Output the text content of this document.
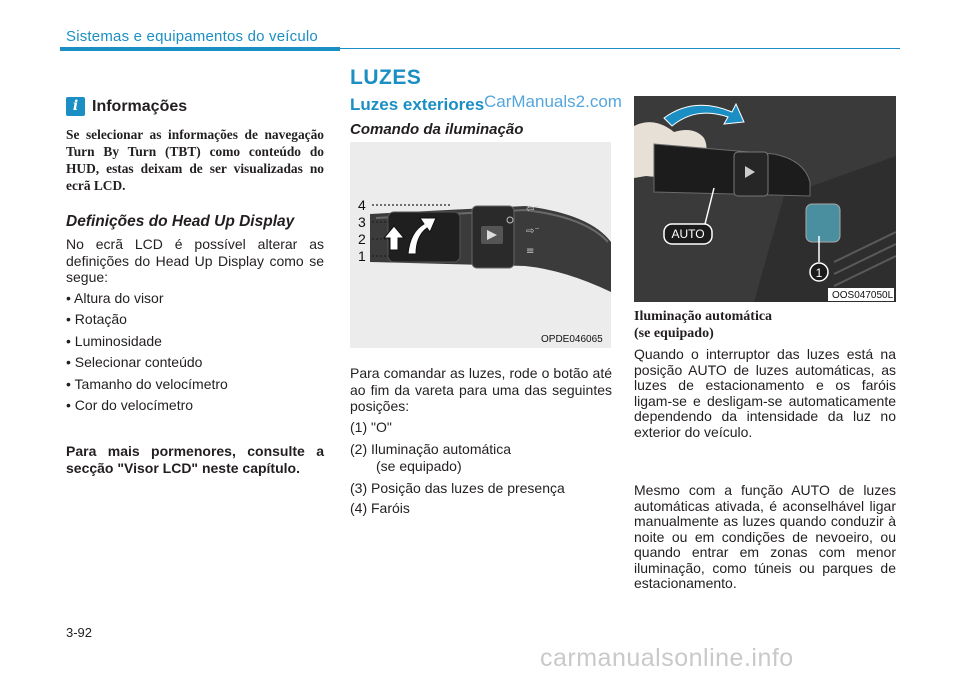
Sistemas e equipamentos do veículo
i Informações
Se selecionar as informações de navegação Turn By Turn (TBT) como conteúdo do HUD, estas deixam de ser visualizadas no ecrã LCD.
Definições do Head Up Display
No ecrã LCD é possível alterar as definições do Head Up Display como se segue:
• Altura do visor
• Rotação
• Luminosidade
• Selecionar conteúdo
• Tamanho do velocímetro
• Cor do velocímetro
Para mais pormenores, consulte a secção "Visor LCD" neste capítulo.
LUZES
Luzes exteriores CarManuals2.com
Comando da iluminação
⇦⁻
⇨⁻
≡
4
3
2
1
OPDE046065
Para comandar as luzes, rode o botão até ao fim da vareta para uma das seguintes posições:
(1) "O"
(2) Iluminação automática
(se equipado)
(3) Posição das luzes de presença
(4) Faróis
AUTO
1
OOS047050L
Iluminação automática
(se equipado)
Quando o interruptor das luzes está na posição AUTO de luzes automáticas, as luzes de estacionamento e os faróis ligam-se e desligam-se automaticamente dependendo da intensidade da luz no exterior do veículo.
Mesmo com a função AUTO de luzes automáticas ativada, é aconselhável ligar manualmente as luzes quando conduzir à noite ou em condições de nevoeiro, ou quando entrar em zonas com menor iluminação, como túneis ou parques de estacionamento.
3-92
carmanualsonline.info
